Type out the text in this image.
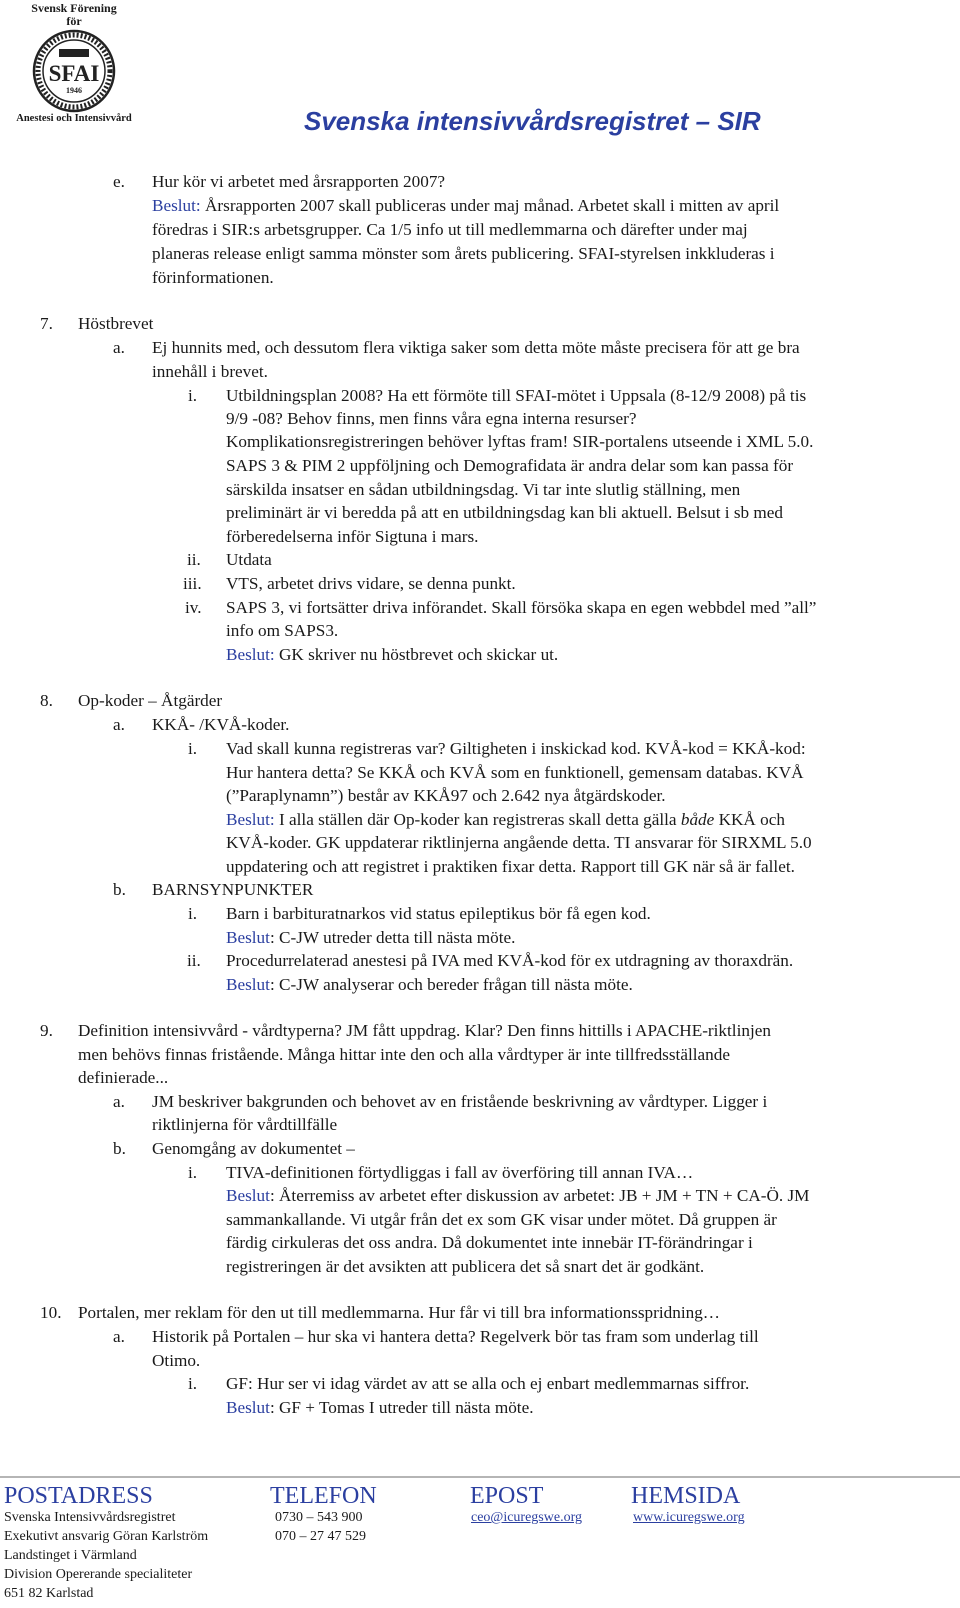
Svensk Förening
för
SFAI
1946
Anestesi och Intensivvård	Svenska intensivvårdsregistret – SIR
e. Hur kör vi arbetet med årsrapporten 2007?
Beslut: Årsrapporten 2007 skall publiceras under maj månad. Arbetet skall i mitten av april
föredras i SIR:s arbetsgrupper. Ca 1/5 info ut till medlemmarna och därefter under maj
planeras release enligt samma mönster som årets publicering. SFAI-styrelsen inkkluderas i
förinformationen.
7. Höstbrevet
a. Ej hunnits med, och dessutom flera viktiga saker som detta möte måste precisera för att ge bra
innehåll i brevet.
i. Utbildningsplan 2008? Ha ett förmöte till SFAI-mötet i Uppsala (8-12/9 2008) på tis
9/9 -08? Behov finns, men finns våra egna interna resurser?
Komplikationsregistreringen behöver lyftas fram! SIR-portalens utseende i XML 5.0.
SAPS 3 & PIM 2 uppföljning och Demografidata är andra delar som kan passa för
särskilda insatser en sådan utbildningsdag. Vi tar inte slutlig ställning, men
preliminärt är vi beredda på att en utbildningsdag kan bli aktuell. Belsut i sb med
förberedelserna inför Sigtuna i mars.
ii. Utdata
iii. VTS, arbetet drivs vidare, se denna punkt.
iv. SAPS 3, vi fortsätter driva införandet. Skall försöka skapa en egen webbdel med ”all”
info om SAPS3.
Beslut: GK skriver nu höstbrevet och skickar ut.
8. Op-koder – Åtgärder
a. KKÅ- /KVÅ-koder.
i. Vad skall kunna registreras var? Giltigheten i inskickad kod. KVÅ-kod = KKÅ-kod:
Hur hantera detta? Se KKÅ och KVÅ som en funktionell, gemensam databas. KVÅ
(”Paraplynamn”) består av KKÅ97 och 2.642 nya åtgärdskoder.
Beslut: I alla ställen där Op-koder kan registreras skall detta gälla både KKÅ och
KVÅ-koder. GK uppdaterar riktlinjerna angående detta. TI ansvarar för SIRXML 5.0
uppdatering och att registret i praktiken fixar detta. Rapport till GK när så är fallet.
b. BARNSYNPUNKTER
i. Barn i barbituratnarkos vid status epileptikus bör få egen kod.
Beslut: C-JW utreder detta till nästa möte.
ii. Procedurrelaterad anestesi på IVA med KVÅ-kod för ex utdragning av thoraxdrän.
Beslut: C-JW analyserar och bereder frågan till nästa möte.
9. Definition intensivvård - vårdtyperna? JM fått uppdrag. Klar? Den finns hittills i APACHE-riktlinjen
men behövs finnas fristående. Många hittar inte den och alla vårdtyper är inte tillfredsställande
definierade...
a. JM beskriver bakgrunden och behovet av en fristående beskrivning av vårdtyper. Ligger i
riktlinjerna för vårdtillfälle
b. Genomgång av dokumentet –
i. TIVA-definitionen förtydliggas i fall av överföring till annan IVA…
Beslut: Återremiss av arbetet efter diskussion av arbetet: JB + JM + TN + CA-Ö. JM
sammankallande. Vi utgår från det ex som GK visar under mötet. Då gruppen är
färdig cirkuleras det oss andra. Då dokumentet inte innebär IT-förändringar i
registreringen är det avsikten att publicera det så snart det är godkänt.
10. Portalen, mer reklam för den ut till medlemmarna. Hur får vi till bra informationsspridning…
a. Historik på Portalen – hur ska vi hantera detta? Regelverk bör tas fram som underlag till
Otimo.
i. GF: Hur ser vi idag värdet av att se alla och ej enbart medlemmarnas siffror.
Beslut: GF + Tomas I utreder till nästa möte.
POSTADRESS	TELEFON	EPOST	HEMSIDA
Svenska Intensivvårdsregistret
Exekutivt ansvarig Göran Karlström
Landstinget i Värmland
Division Opererande specialiteter
651 82 Karlstad
0730 – 543 900
070 – 27 47 529
ceo@icuregswe.org	www.icuregswe.org
